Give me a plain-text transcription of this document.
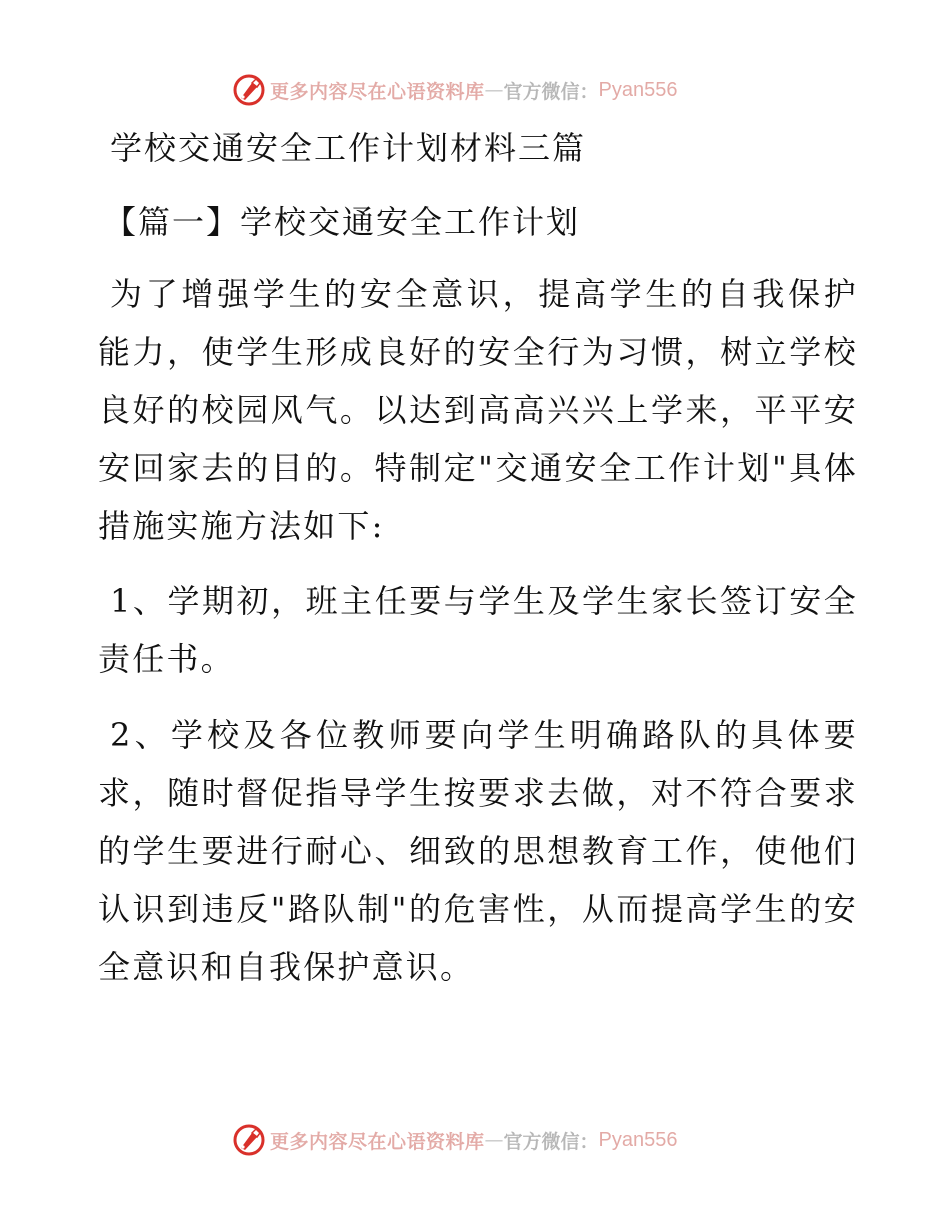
更多内容尽在心语资料库 — 官方微信： Pyan556
学校交通安全工作计划材料三篇
【篇一】学校交通安全工作计划

为了增强学生的安全意识，提高学生的自我保护能力，使学生形成良好的安全行为习惯，树立学校良好的校园风气。以达到高高兴兴上学来，平平安安回家去的目的。特制定"交通安全工作计划"具体措施实施方法如下:

1、学期初，班主任要与学生及学生家长签订安全责任书。

2、学校及各位教师要向学生明确路队的具体要求，随时督促指导学生按要求去做，对不符合要求的学生要进行耐心、细致的思想教育工作，使他们认识到违反"路队制"的危害性，从而提高学生的安全意识和自我保护意识。

更多内容尽在心语资料库 — 官方微信： Pyan556
